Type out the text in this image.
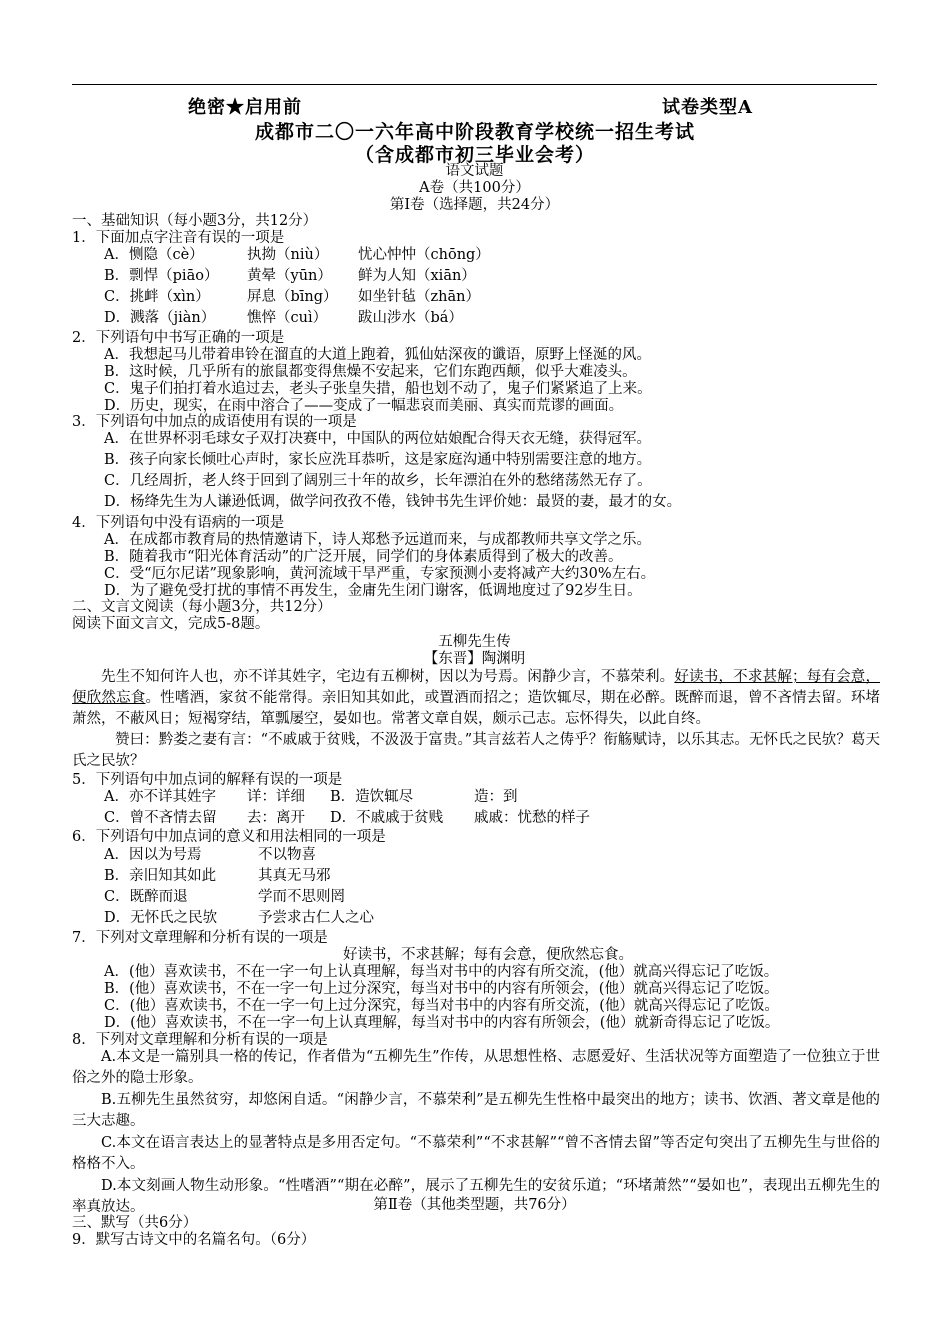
绝密★启用前	试卷类型A
成都市二〇一六年高中阶段教育学校统一招生考试
（含成都市初三毕业会考）
语文试题
A卷（共100分）
第Ⅰ卷（选择题，共24分）
一、基础知识（每小题3分，共12分）
1．下面加点字注音有误的一项是
A．恻隐（cè）	执拗（niù） 忧心忡忡（chōng）
B．剽悍（piāo） 黄晕（yūn） 鲜为人知（xiān）
C．挑衅（xìn）	屏息（bīng） 如坐针毡（zhān）
D．溅落（jiàn） 憔悴（cuì） 跋山涉水（bá）
2．下列语句中书写正确的一项是
A．我想起马儿带着串铃在溜直的大道上跑着，狐仙姑深夜的谶语，原野上怪涎的风。
B．这时候，几乎所有的旅鼠都变得焦燥不安起来，它们东跑西颠，似乎大难凌头。
C．鬼子们拍打着水追过去，老头子张皇失措，船也划不动了，鬼子们紧紧追了上来。
D．历史，现实，在雨中溶合了——变成了一幅悲哀而美丽、真实而荒谬的画面。
3．下列语句中加点的成语使用有误的一项是
A．在世界杯羽毛球女子双打决赛中，中国队的两位姑娘配合得天衣无缝，获得冠军。
B．孩子向家长倾吐心声时，家长应洗耳恭听，这是家庭沟通中特别需要注意的地方。
C．几经周折，老人终于回到了阔别三十年的故乡，长年漂泊在外的愁绪荡然无存了。
D．杨绛先生为人谦逊低调，做学问孜孜不倦，钱钟书先生评价她：最贤的妻，最才的女。
4．下列语句中没有语病的一项是
A．在成都市教育局的热情邀请下，诗人郑愁予远道而来，与成都教师共享文学之乐。
B．随着我市“阳光体育活动”的广泛开展，同学们的身体素质得到了极大的改善。
C．受“厄尔尼诺”现象影响，黄河流域干旱严重，专家预测小麦将减产大约30%左右。
D．为了避免受打扰的事情不再发生，金庸先生闭门谢客，低调地度过了92岁生日。
二、文言文阅读（每小题3分，共12分）
阅读下面文言文，完成5-8题。
五柳先生传
【东晋】陶渊明
先生不知何许人也，亦不详其姓字，宅边有五柳树，因以为号焉。闲静少言，不慕荣利。好读书，不求甚解；每有会意，便欣然忘食。性嗜酒，家贫不能常得。亲旧知其如此，或置酒而招之；造饮辄尽，期在必醉。既醉而退，曾不吝情去留。环堵萧然，不蔽风日；短褐穿结，箪瓢屡空，晏如也。常著文章自娱，颇示己志。忘怀得失，以此自终。
赞曰：黔娄之妻有言：“不戚戚于贫贱，不汲汲于富贵。”其言兹若人之俦乎？衔觞赋诗，以乐其志。无怀氏之民欤？葛天氏之民欤？
5．下列语句中加点词的解释有误的一项是
A．亦不详其姓字 详：详细 B．造饮辄尽	造：到
C．曾不吝情去留 去：离开 D．不戚戚于贫贱 戚戚：忧愁的样子
6．下列语句中加点词的意义和用法相同的一项是
A．因以为号焉	不以物喜
B．亲旧知其如此	其真无马邪
C．既醉而退	学而不思则罔
D．无怀氏之民欤	予尝求古仁人之心
7．下列对文章理解和分析有误的一项是
好读书，不求甚解；每有会意，便欣然忘食。
A．(他）喜欢读书，不在一字一句上认真理解，每当对书中的内容有所交流，(他）就高兴得忘记了吃饭。
B．(他）喜欢读书，不在一字一句上过分深究，每当对书中的内容有所领会，(他）就高兴得忘记了吃饭。
C．(他）喜欢读书，不在一字一句上过分深究，每当对书中的内容有所交流，(他）就高兴得忘记了吃饭。
D．(他）喜欢读书，不在一字一句上认真理解，每当对书中的内容有所领会，(他）就新奇得忘记了吃饭。
8．下列对文章理解和分析有误的一项是
A.本文是一篇别具一格的传记，作者借为“五柳先生”作传，从思想性格、志愿爱好、生活状况等方面塑造了一位独立于世俗之外的隐士形象。
B.五柳先生虽然贫穷，却悠闲自适。“闲静少言，不慕荣利”是五柳先生性格中最突出的地方；读书、饮酒、著文章是他的三大志趣。
C.本文在语言表达上的显著特点是多用否定句。“不慕荣利”“不求甚解”“曾不吝情去留”等否定句突出了五柳先生与世俗的格格不入。
D.本文刻画人物生动形象。“性嗜酒”“期在必醉”，展示了五柳先生的安贫乐道；“环堵萧然”“晏如也”，表现出五柳先生的率真放达。	第Ⅱ卷（其他类型题，共76分）
三、默写（共6分）
9．默写古诗文中的名篇名句。（6分）
